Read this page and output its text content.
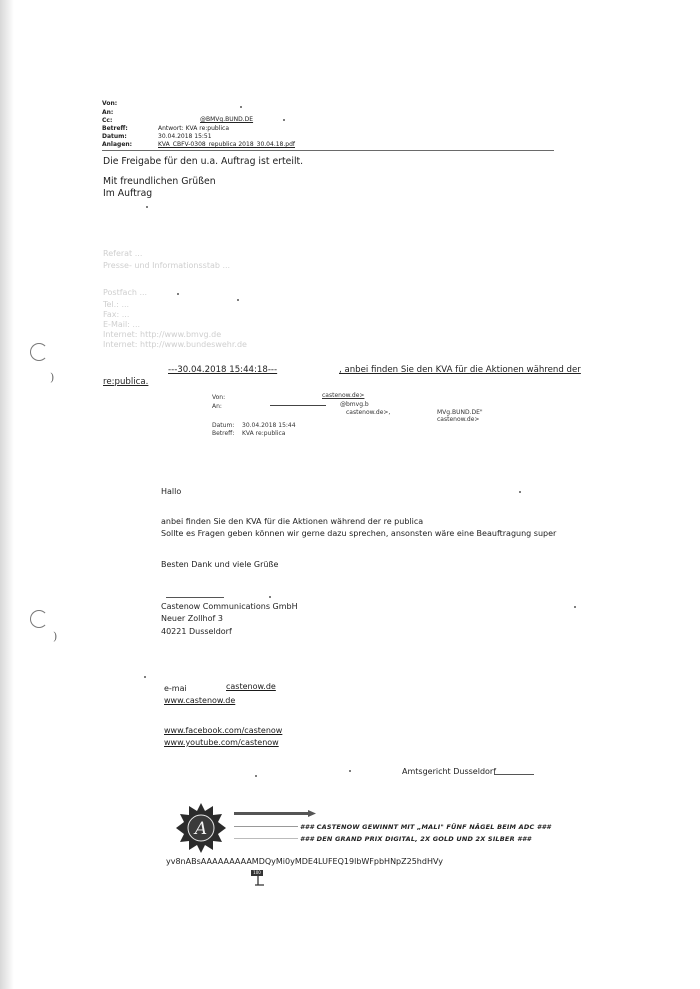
)
)
Von:
An:
Cc:	@BMVg.BUND.DE
Betreff:	Antwort: KVA re:publica
Datum:	30.04.2018 15:51
Anlagen:	KVA_CBFV-0308_republica 2018_30.04.18.pdf
Die Freigabe für den u.a. Auftrag ist erteilt.
Mit freundlichen Grüßen
Im Auftrag
Referat ...
Presse- und Informationsstab ...
Postfach ...
Tel.: ...
Fax: ...
E-Mail: ...
Internet: http://www.bmvg.de
Internet: http://www.bundeswehr.de
---30.04.2018 15:44:18---	, anbei finden Sie den KVA für die Aktionen während der
re:publica.
Von:	castenow.de>
An:	@bmvg.b
castenow.de>,	MVg.BUND.DE"
castenow.de>
Datum: 30.04.2018 15:44
Betreff: KVA re:publica
Hallo
anbei finden Sie den KVA für die Aktionen während der re publica
Sollte es Fragen geben können wir gerne dazu sprechen, ansonsten wäre eine Beauftragung super
Besten Dank und viele Grüße
Castenow Communications GmbH
Neuer Zollhof 3
40221 Dusseldorf
e-mai	castenow.de
www.castenow.de
www.facebook.com/castenow
www.youtube.com/castenow
Amtsgericht Dusseldorf
A	### CASTENOW GEWINNT MIT „MALI" FÜNF NÄGEL BEIM ADC ###
### DEN GRAND PRIX DIGITAL, 2X GOLD UND 2X SILBER ###
yv8nABsAAAAAAAAAMDQyMi0yMDE4LUFEQ19lbWFpbHNpZ25hdHVy
100
